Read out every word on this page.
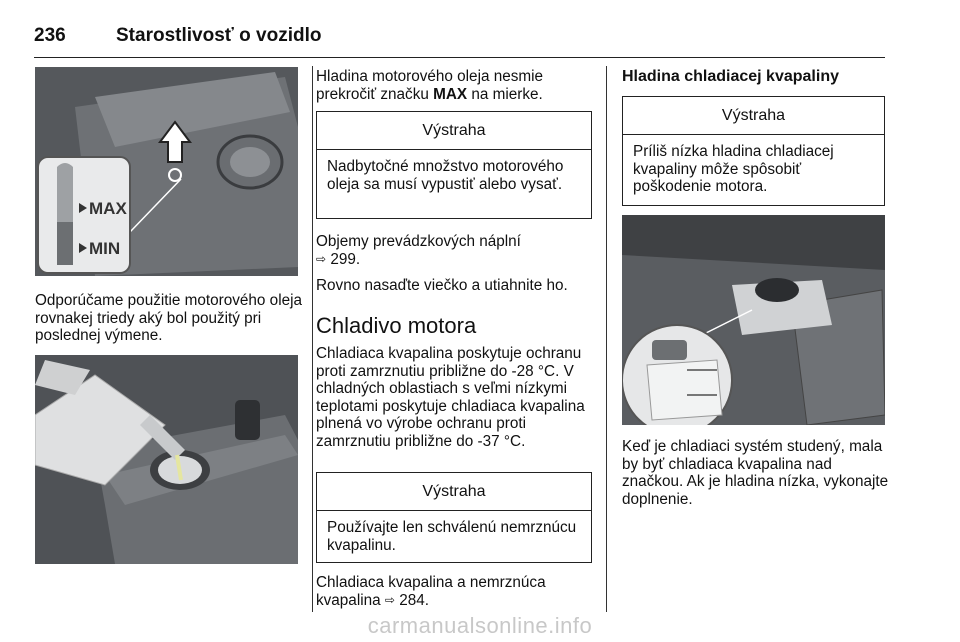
236	Starostlivosť o vozidlo
MAX
MIN

Odporúčame použitie motorového oleja rovnakej triedy aký bol použitý pri poslednej výmene.

Hladina motorového oleja nesmie prekročiť značku MAX na mierke.

Výstraha
Nadbytočné množstvo motorového oleja sa musí vypustiť alebo vysať.

Objemy prevádzkových náplní
⇨ 299.

Rovno nasaďte viečko a utiahnite ho.

Chladivo motora

Chladiaca kvapalina poskytuje ochranu proti zamrznutiu približne do -28 °C. V chladných oblastiach s veľmi nízkymi teplotami poskytuje chladiaca kvapalina plnená vo výrobe ochranu proti zamrznutiu približne do -37 °C.

Výstraha
Používajte len schválenú nemrznúcu kvapalinu.

Chladiaca kvapalina a nemrznúca kvapalina ⇨ 284.

Hladina chladiacej kvapaliny

Výstraha
Príliš nízka hladina chladiacej kvapaliny môže spôsobiť poškodenie motora.

Keď je chladiaci systém studený, mala by byť chladiaca kvapalina nad značkou. Ak je hladina nízka, vykonajte doplnenie.

carmanualsonline.info
